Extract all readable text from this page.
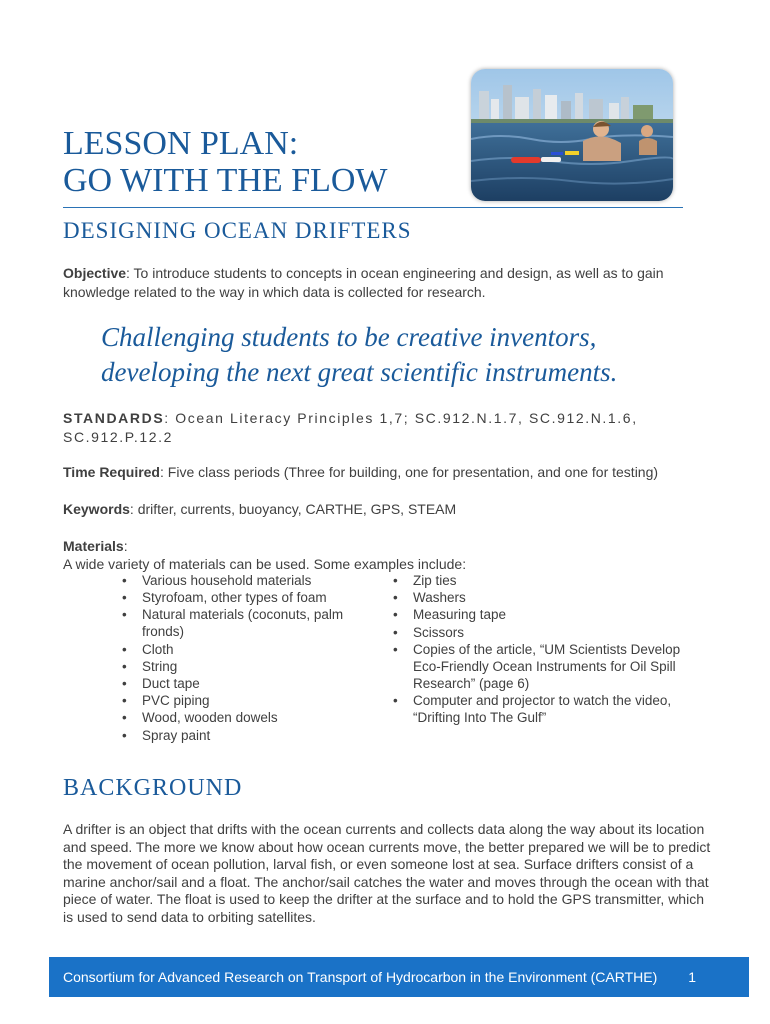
LESSON PLAN:
GO WITH THE FLOW
DESIGNING OCEAN DRIFTERS
Objective: To introduce students to concepts in ocean engineering and design, as well as to gain knowledge related to the way in which data is collected for research.
Challenging students to be creative inventors,
developing the next great scientific instruments.
STANDARDS: Ocean Literacy Principles 1,7; SC.912.N.1.7, SC.912.N.1.6, SC.912.P.12.2
Time Required: Five class periods (Three for building, one for presentation, and one for testing)
Keywords: drifter, currents, buoyancy, CARTHE, GPS, STEAM
Materials:
A wide variety of materials can be used. Some examples include:
• Various household materials
• Styrofoam, other types of foam
• Natural materials (coconuts, palm fronds)
• Cloth
• String
• Duct tape
• PVC piping
• Wood, wooden dowels
• Spray paint
• Zip ties
• Washers
• Measuring tape
• Scissors
• Copies of the article, “UM Scientists Develop Eco-Friendly Ocean Instruments for Oil Spill Research” (page 6)
• Computer and projector to watch the video, “Drifting Into The Gulf”
BACKGROUND
A drifter is an object that drifts with the ocean currents and collects data along the way about its location and speed. The more we know about how ocean currents move, the better prepared we will be to predict the movement of ocean pollution, larval fish, or even someone lost at sea. Surface drifters consist of a marine anchor/sail and a float. The anchor/sail catches the water and moves through the ocean with that piece of water. The float is used to keep the drifter at the surface and to hold the GPS transmitter, which is used to send data to orbiting satellites.
Consortium for Advanced Research on Transport of Hydrocarbon in the Environment (CARTHE) 1
